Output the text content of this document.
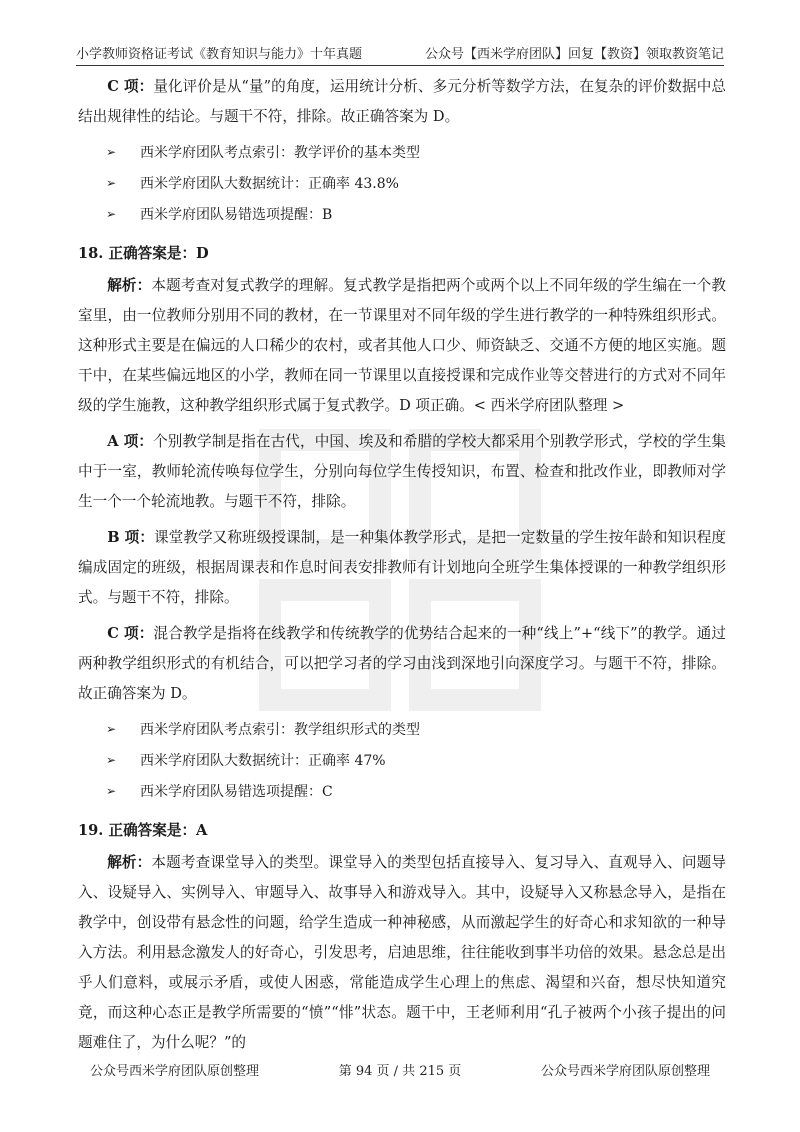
小学教师资格证考试《教育知识与能力》十年真题	公众号【西米学府团队】回复【教资】领取教资笔记

C 项：量化评价是从“量”的角度，运用统计分析、多元分析等数学方法，在复杂的评价数据中总结出规律性的结论。与题干不符，排除。故正确答案为 D。

➢	西米学府团队考点索引：教学评价的基本类型
➢	西米学府团队大数据统计：正确率 43.8%
➢	西米学府团队易错选项提醒：B
18. 正确答案是：D

解析：本题考查对复式教学的理解。复式教学是指把两个或两个以上不同年级的学生编在一个教室里，由一位教师分别用不同的教材，在一节课里对不同年级的学生进行教学的一种特殊组织形式。这种形式主要是在偏远的人口稀少的农村，或者其他人口少、师资缺乏、交通不方便的地区实施。题干中，在某些偏远地区的小学，教师在同一节课里以直接授课和完成作业等交替进行的方式对不同年级的学生施教，这种教学组织形式属于复式教学。D 项正确。< 西米学府团队整理 >

A 项：个别教学制是指在古代，中国、埃及和希腊的学校大都采用个别教学形式，学校的学生集中于一室，教师轮流传唤每位学生，分别向每位学生传授知识，布置、检查和批改作业，即教师对学生一个一个轮流地教。与题干不符，排除。

B 项：课堂教学又称班级授课制，是一种集体教学形式，是把一定数量的学生按年龄和知识程度编成固定的班级，根据周课表和作息时间表安排教师有计划地向全班学生集体授课的一种教学组织形式。与题干不符，排除。

C 项：混合教学是指将在线教学和传统教学的优势结合起来的一种“线上”+“线下”的教学。通过两种教学组织形式的有机结合，可以把学习者的学习由浅到深地引向深度学习。与题干不符，排除。故正确答案为 D。

➢	西米学府团队考点索引：教学组织形式的类型
➢	西米学府团队大数据统计：正确率 47%
➢	西米学府团队易错选项提醒：C
19. 正确答案是：A

解析：本题考查课堂导入的类型。课堂导入的类型包括直接导入、复习导入、直观导入、问题导入、设疑导入、实例导入、审题导入、故事导入和游戏导入。其中，设疑导入又称悬念导入，是指在教学中，创设带有悬念性的问题，给学生造成一种神秘感，从而激起学生的好奇心和求知欲的一种导入方法。利用悬念激发人的好奇心，引发思考，启迪思维，往往能收到事半功倍的效果。悬念总是出乎人们意料，或展示矛盾，或使人困惑，常能造成学生心理上的焦虑、渴望和兴奋，想尽快知道究竟，而这种心态正是教学所需要的“愤”“悱”状态。题干中，王老师利用“孔子被两个小孩子提出的问题难住了，为什么呢？”的

公众号西米学府团队原创整理	第 94 页 / 共 215 页	公众号西米学府团队原创整理
